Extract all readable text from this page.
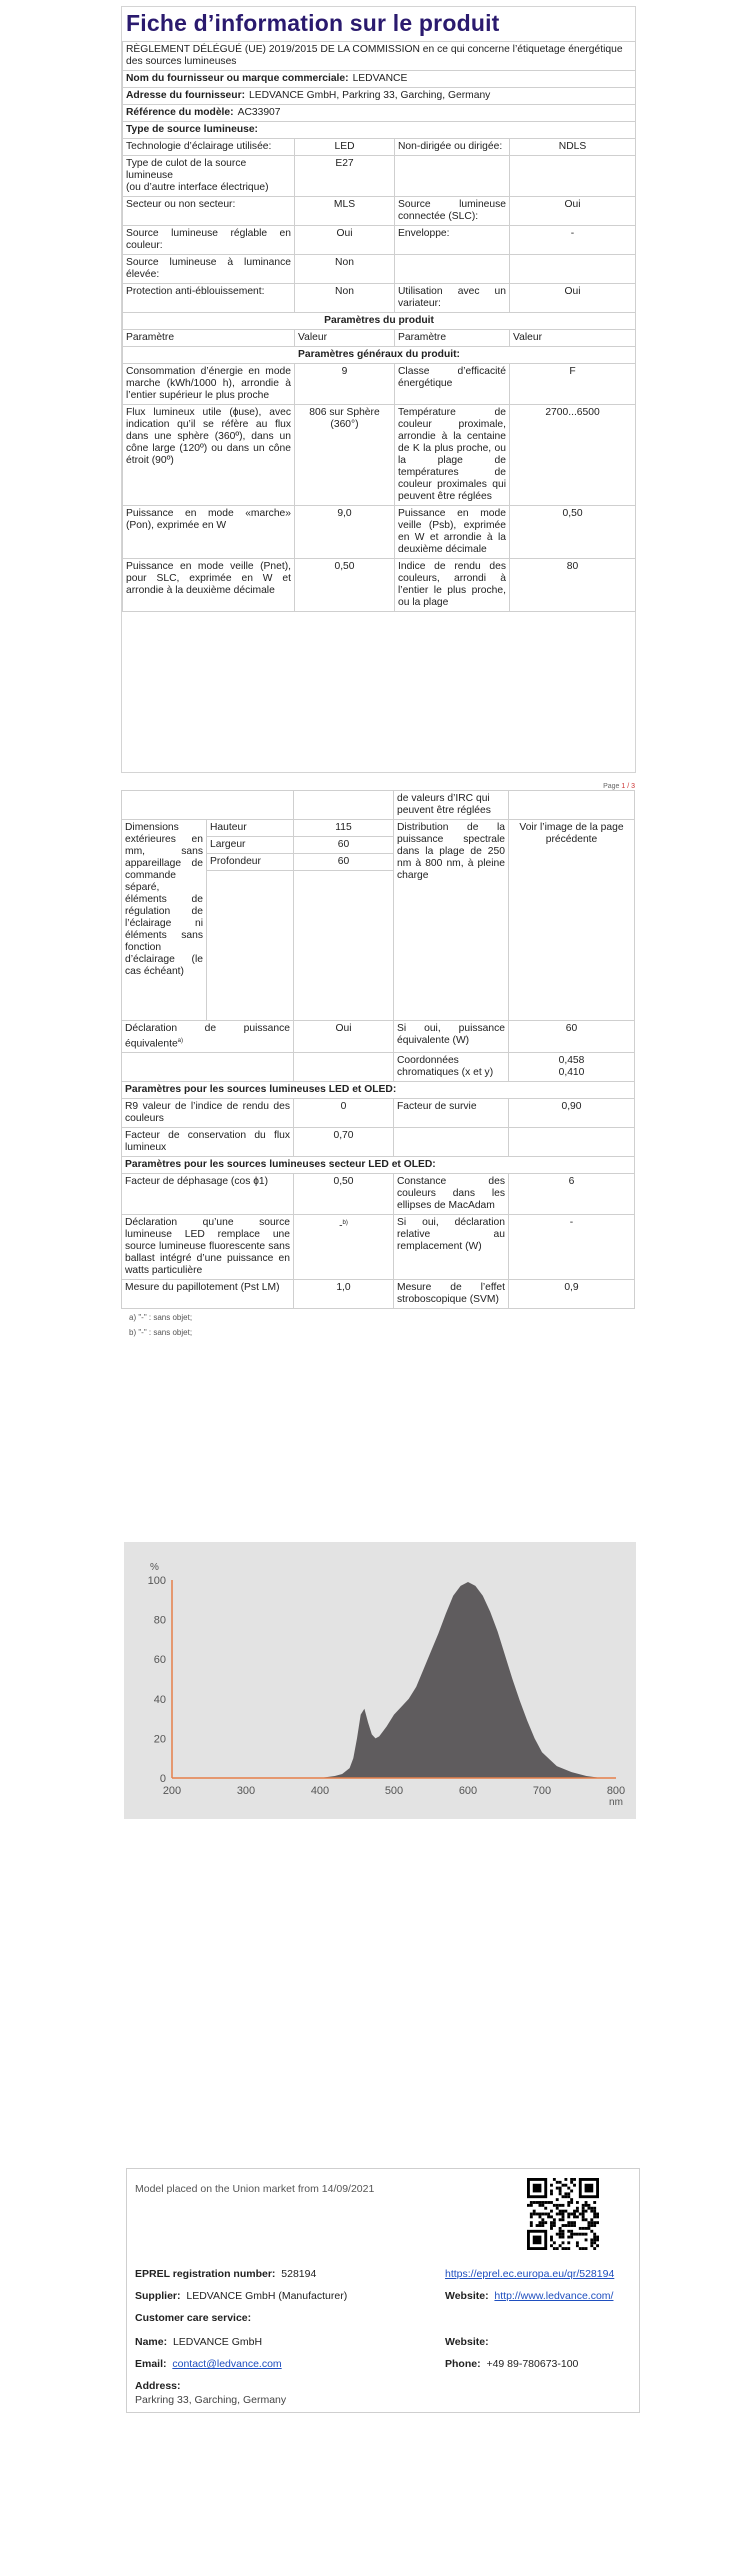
Fiche d’information sur le produit
RÈGLEMENT DÉLÉGUÉ (UE) 2019/2015 DE LA COMMISSION en ce qui concerne l’étiquetage énergétique des sources lumineuses			
Nom du fournisseur ou marque commerciale: LEDVANCE			
Adresse du fournisseur: LEDVANCE GmbH, Parkring 33, Garching, Germany			
Référence du modèle: AC33907			
Type de source lumineuse:			
Technologie d’éclairage utilisée:	LED	Non-dirigée ou dirigée:	NDLS
Type de culot de la source lumineuse
(ou d’autre interface électrique)	E27		
Secteur ou non secteur:	MLS	Source lumineuse connectée (SLC):	Oui
Source lumineuse réglable en couleur:	Oui	Enveloppe:	-
Source lumineuse à luminance élevée:	Non		
Protection anti-éblouissement:	Non	Utilisation avec un variateur:	Oui
Paramètres du produit			
Paramètre	Valeur	Paramètre	Valeur
Paramètres généraux du produit:			
Consommation d’énergie en mode marche (kWh/1000 h), arrondie à l’entier supérieur le plus proche	9	Classe d’efficacité énergétique	F
Flux lumineux utile (ɸuse), avec indication qu’il se réfère au flux dans une sphère (360º), dans un cône large (120º) ou dans un cône étroit (90º)	806 sur Sphère (360°)	Température de couleur proximale, arrondie à la centaine de K la plus proche, ou la plage de températures de couleur proximales qui peuvent être réglées	2700...6500
Puissance en mode «marche» (Pon), exprimée en W	9,0	Puissance en mode veille (Psb), exprimée en W et arrondie à la deuxième décimale	0,50
Puissance en mode veille (Pnet), pour SLC, exprimée en W et arrondie à la deuxième décimale	0,50	Indice de rendu des couleurs, arrondi à l’entier le plus proche, ou la plage	80
Page 1 / 3
			de valeurs d’IRC qui peuvent être réglées	
Dimensions extérieures en mm, sans appareillage de commande séparé, éléments de régulation de l’éclairage ni éléments sans fonction d’éclairage (le cas échéant)	Hauteur	115	Distribution de la puissance spectrale dans la plage de 250 nm à 800 nm, à pleine charge	Voir l’image de la page précédente
	Largeur	60		
	Profondeur	60		

Déclaration de puissance équivalente$^{a)}$		Oui	Si oui, puissance équivalente (W)	60
			Coordonnées chromatiques (x et y)	0,458
0,410

Paramètres pour les sources lumineuses LED et OLED:				
R9 valeur de l’indice de rendu des couleurs		0	Facteur de survie	0,90
Facteur de conservation du flux lumineux		0,70		
Paramètres pour les sources lumineuses secteur LED et OLED:				
Facteur de déphasage (cos ɸ1)		0,50	Constance des couleurs dans les ellipses de MacAdam	6
Déclaration qu’une source lumineuse LED remplace une source lumineuse fluorescente sans ballast intégré d’une puissance en watts particulière		-$^{b)}$	Si oui, déclaration relative au remplacement (W)	-
Mesure du papillotement (Pst LM)		1,0	Mesure de l’effet stroboscopique (SVM)	0,9
a) "-" : sans objet;
b) "-" : sans objet;
200	300	400	500	600	700	800
0
20
40
60
80
100
%
nm
Model placed on the Union market from 14/09/2021
EPREL registration number: 528194	https://eprel.ec.europa.eu/qr/528194
Supplier: LEDVANCE GmbH (Manufacturer)	Website: http://www.ledvance.com/
Customer care service:
Name: LEDVANCE GmbH	Website:
Email: contact@ledvance.com	Phone: +49 89-780673-100
Address:
Parkring 33, Garching, Germany
